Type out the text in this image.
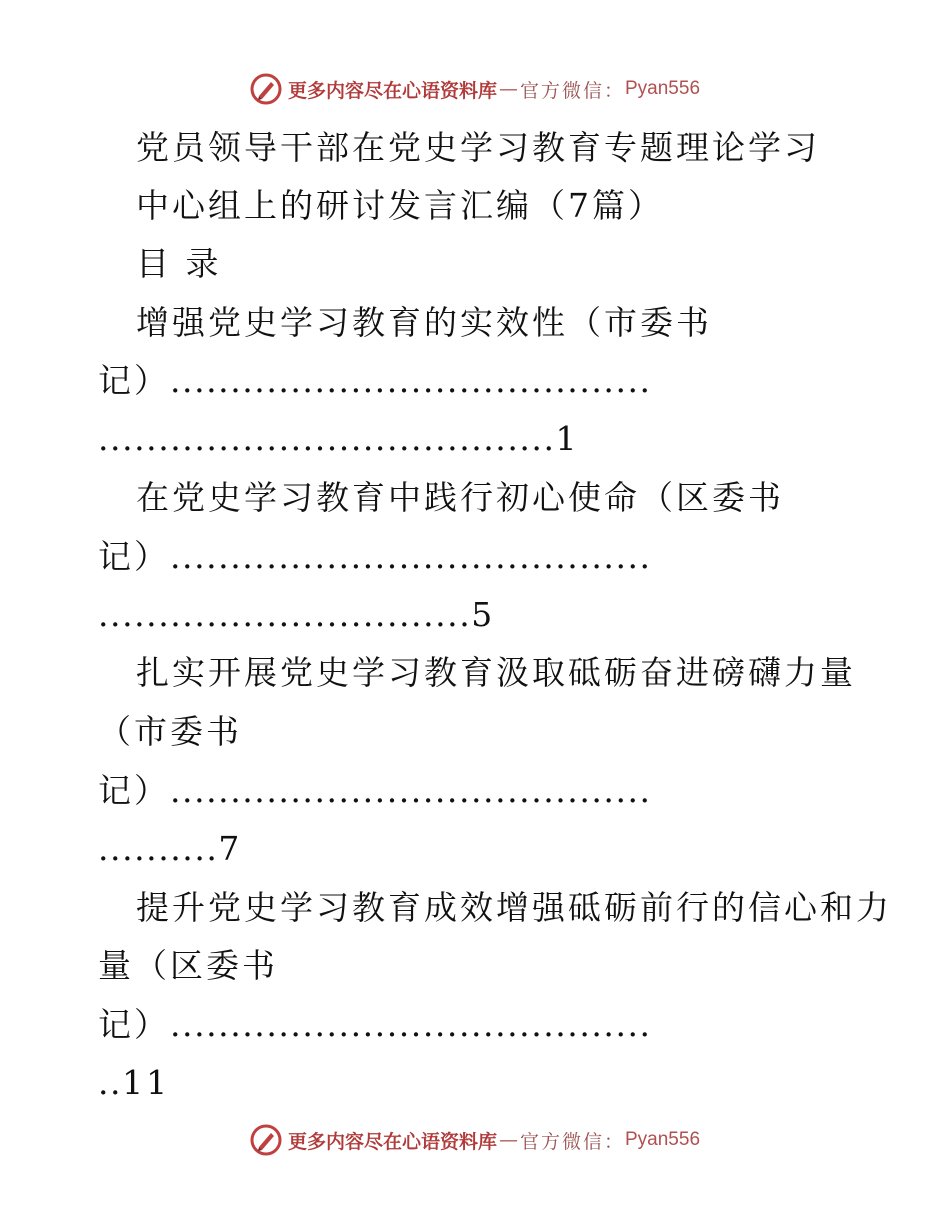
更多内容尽在心语资料库 — 官方微信： Pyan556
党员领导干部在党史学习教育专题理论学习
中心组上的研讨发言汇编（7篇）
目 录
增强党史学习教育的实效性（市委书
记）........................................
......................................1
在党史学习教育中践行初心使命（区委书
记）........................................
...............................5
扎实开展党史学习教育汲取砥砺奋进磅礴力量
（市委书
记）........................................
..........7
提升党史学习教育成效增强砥砺前行的信心和力
量（区委书
记）........................................
..11
更多内容尽在心语资料库 — 官方微信： Pyan556
